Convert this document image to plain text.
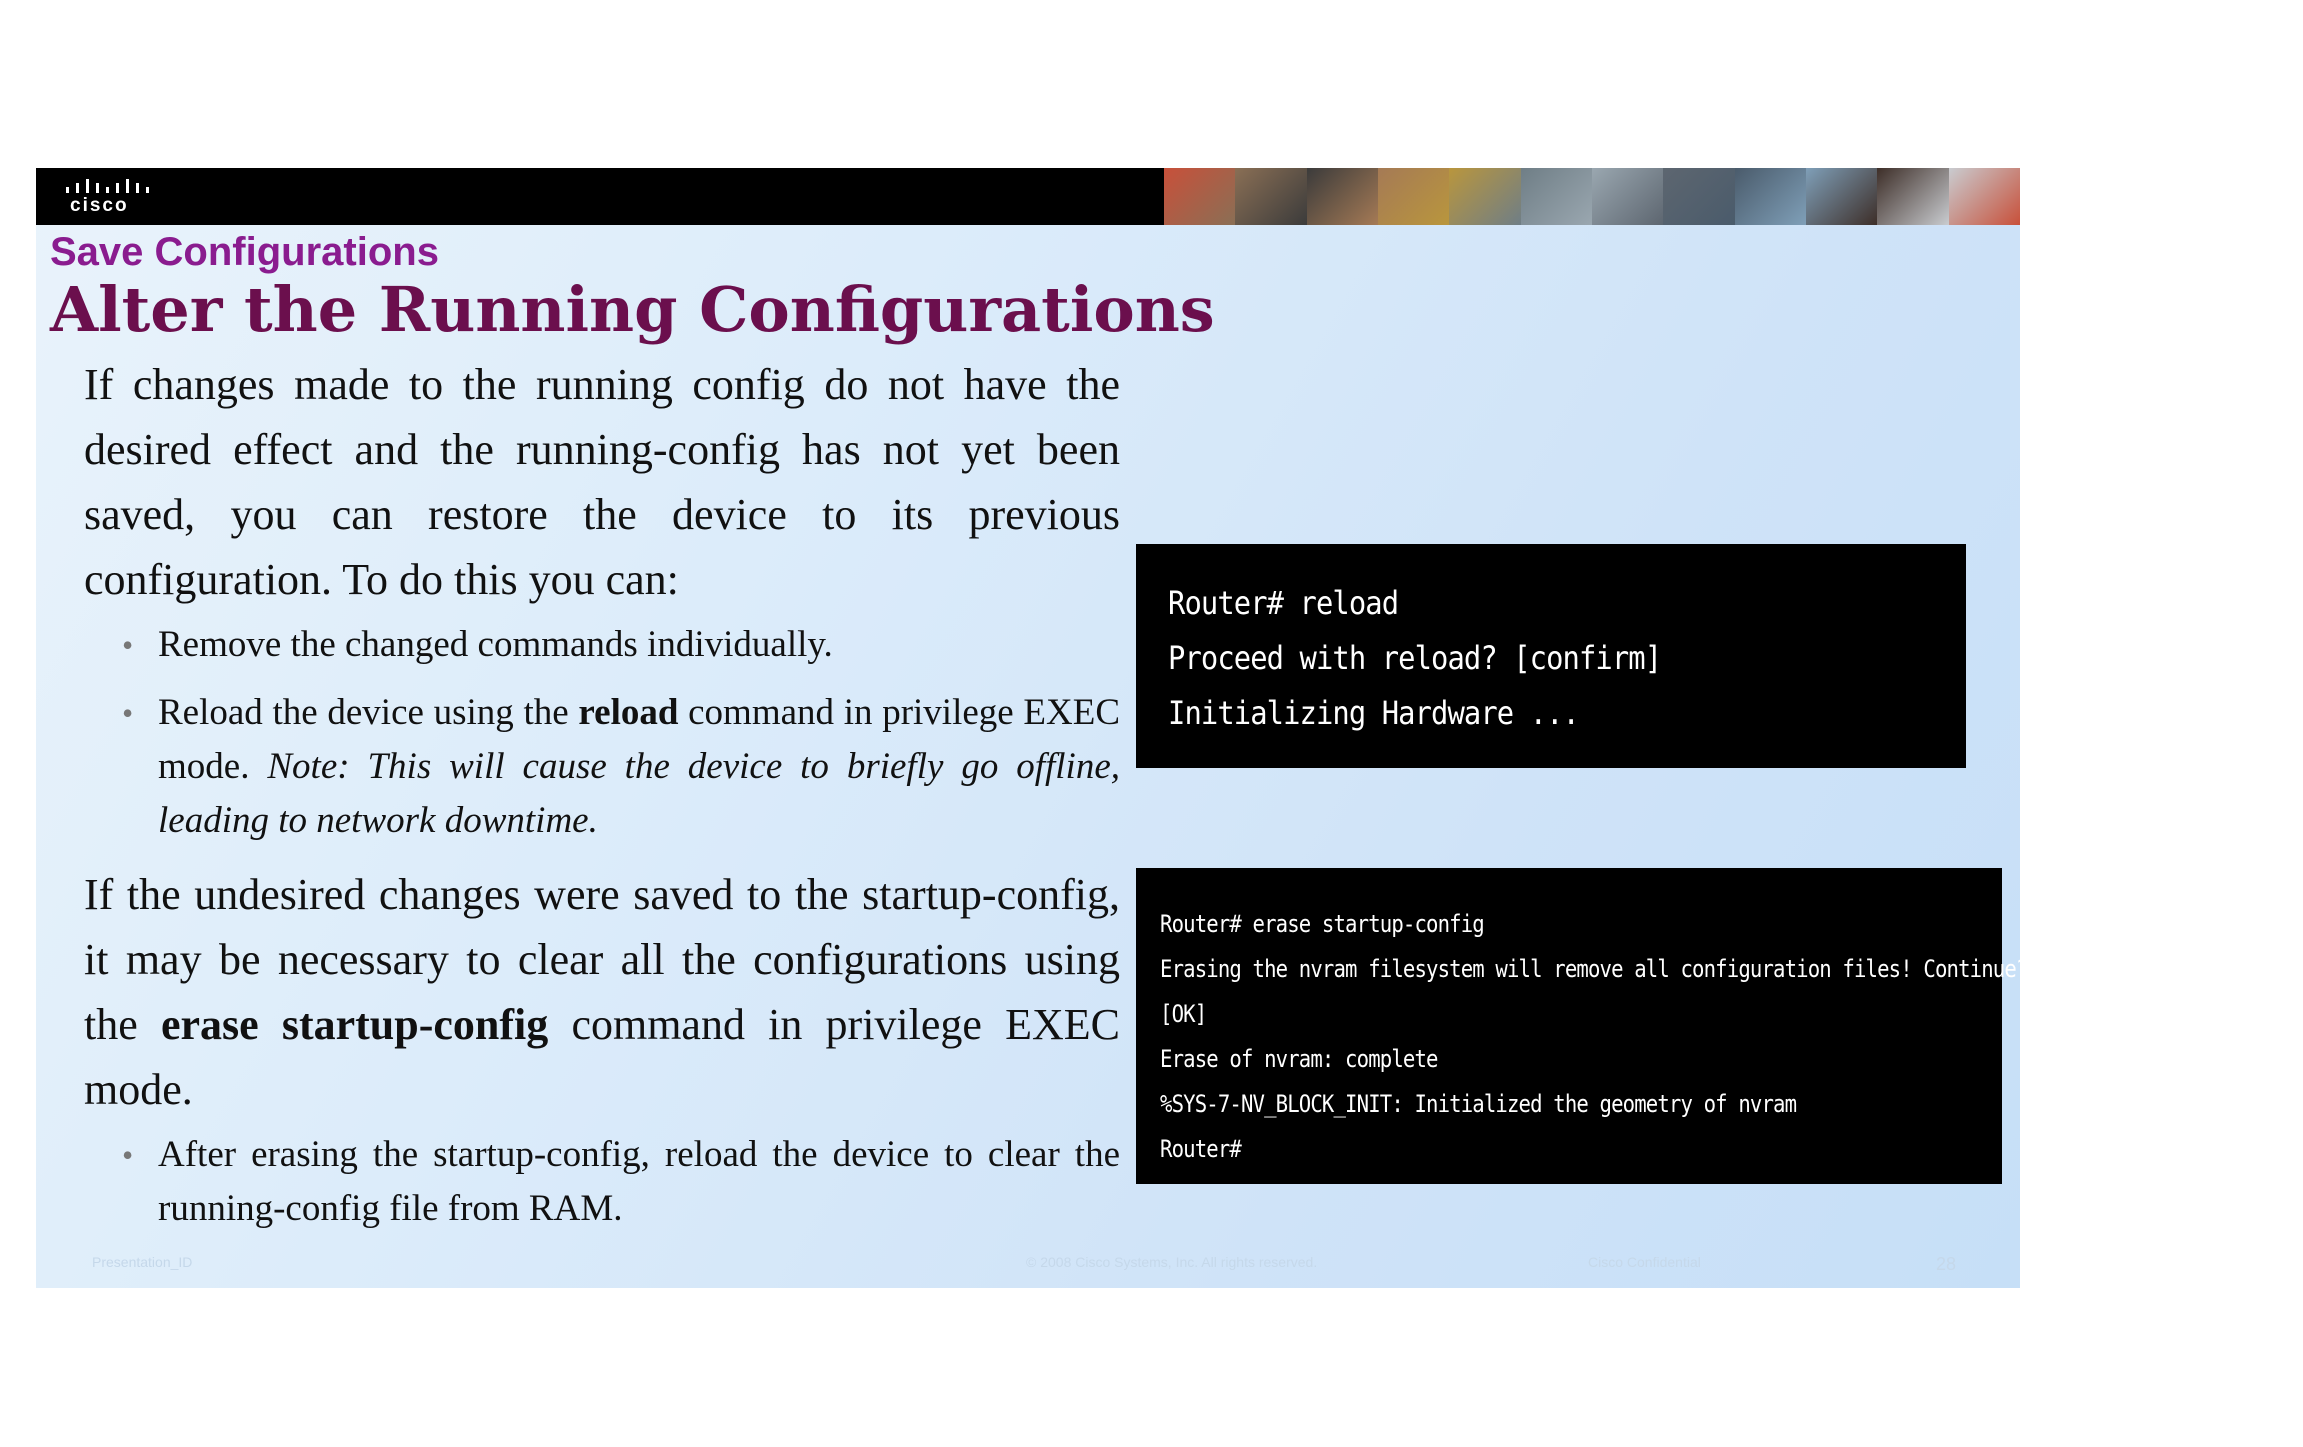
cisco
Save Configurations
Alter the Running Configurations

If changes made to the running config do not have the desired effect and the running-config has not yet been saved, you can restore the device to its previous configuration. To do this you can:

• Remove the changed commands individually.
• Reload the device using the reload command in privilege EXEC mode. Note: This will cause the device to briefly go offline, leading to network downtime.

If the undesired changes were saved to the startup-config, it may be necessary to clear all the configurations using the erase startup-config command in privilege EXEC mode.

• After erasing the startup-config, reload the device to clear the running-config file from RAM.
Router# reload
Proceed with reload? [confirm]
Initializing Hardware ...
Router# erase startup-config
Erasing the nvram filesystem will remove all configuration files! Continue? [confirm]
[OK]
Erase of nvram: complete
%SYS-7-NV_BLOCK_INIT: Initialized the geometry of nvram
Router#
Presentation_ID	© 2008 Cisco Systems, Inc. All rights reserved.	Cisco Confidential	28
